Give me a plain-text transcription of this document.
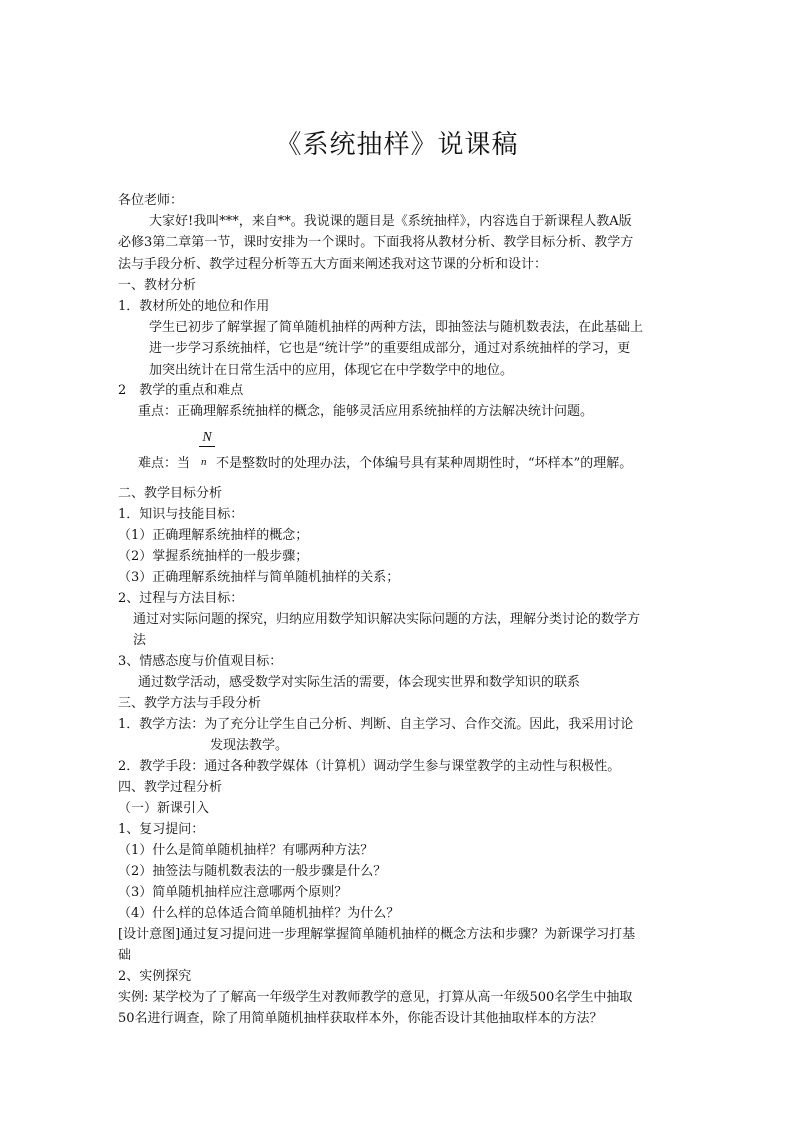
《系统抽样》说课稿
各位老师：
大家好!我叫***，来自**。我说课的题目是《系统抽样》，内容选自于新课程人教A版
必修3第二章第一节，课时安排为一个课时。下面我将从教材分析、教学目标分析、教学方
法与手段分析、教学过程分析等五大方面来阐述我对这节课的分析和设计：
一、教材分析
1．教材所处的地位和作用
学生已初步了解掌握了简单随机抽样的两种方法，即抽签法与随机数表法，在此基础上
进一步学习系统抽样，它也是“统计学”的重要组成部分，通过对系统抽样的学习，更
加突出统计在日常生活中的应用，体现它在中学数学中的地位。
2　教学的重点和难点
重点：正确理解系统抽样的概念，能够灵活应用系统抽样的方法解决统计问题。
N
n
难点：当 不是整数时的处理办法，个体编号具有某种周期性时，“坏样本”的理解。
二、教学目标分析
1．知识与技能目标：
（1）正确理解系统抽样的概念；
（2）掌握系统抽样的一般步骤；
（3）正确理解系统抽样与简单随机抽样的关系；
2、过程与方法目标：
通过对实际问题的探究，归纳应用数学知识解决实际问题的方法，理解分类讨论的数学方
法
3、情感态度与价值观目标：
通过数学活动，感受数学对实际生活的需要，体会现实世界和数学知识的联系
三、教学方法与手段分析
1．教学方法：为了充分让学生自己分析、判断、自主学习、合作交流。因此，我采用讨论
发现法教学。
2．教学手段：通过各种教学媒体（计算机）调动学生参与课堂教学的主动性与积极性。
四、教学过程分析
（一）新课引入
1、复习提问：
（1）什么是简单随机抽样？有哪两种方法？
（2）抽签法与随机数表法的一般步骤是什么？
（3）简单随机抽样应注意哪两个原则？
（4）什么样的总体适合简单随机抽样？为什么？
[设计意图]通过复习提问进一步理解掌握简单随机抽样的概念方法和步骤？为新课学习打基
础
2、实例探究
实例: 某学校为了了解高一年级学生对教师教学的意见，打算从高一年级500名学生中抽取
50名进行调查，除了用简单随机抽样获取样本外，你能否设计其他抽取样本的方法？
